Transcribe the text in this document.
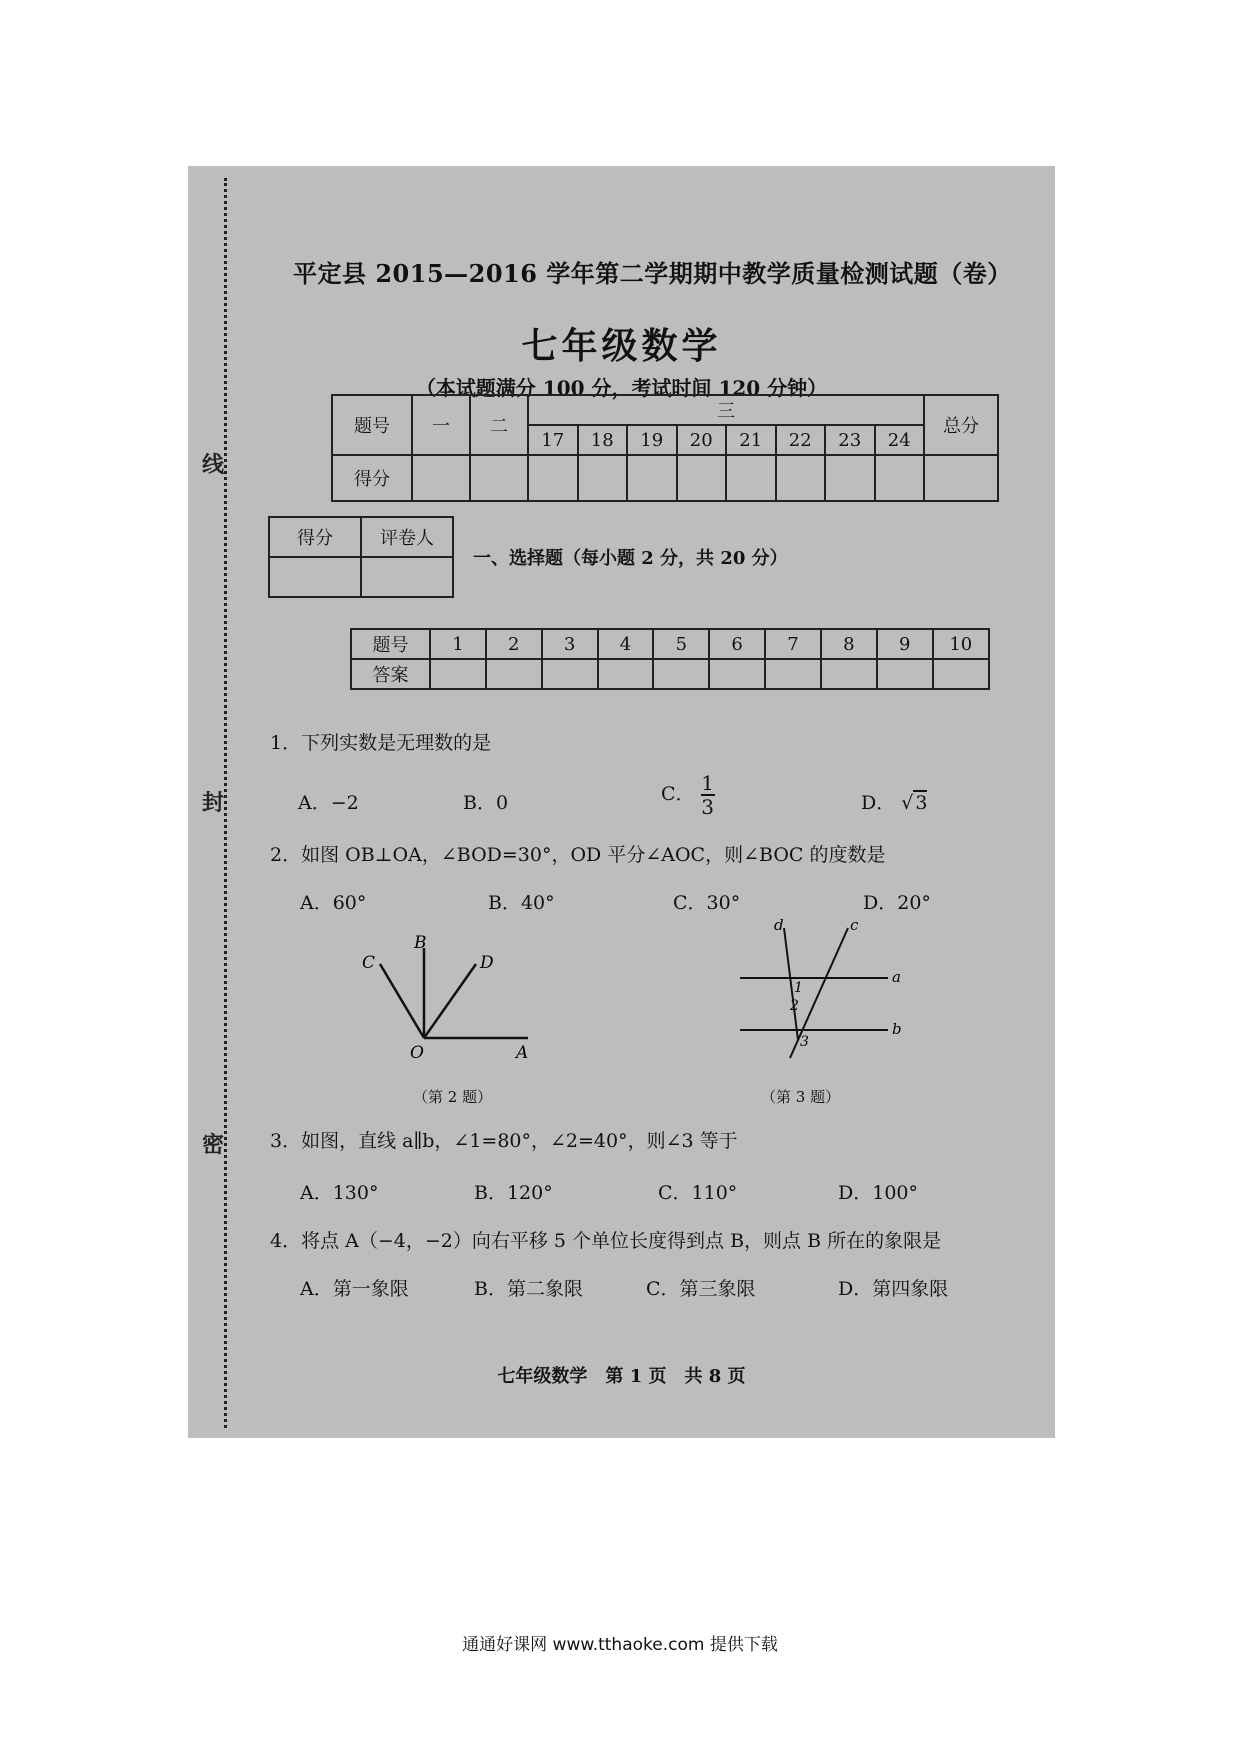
线
封
密
平定县 2015—2016 学年第二学期期中教学质量检测试题（卷）
七年级数学
（本试题满分 100 分，考试时间 120 分钟）
题号	一	二	三								总分
			17	18	19	20	21	22	23	24	
得分											
得分	评卷人

一、选择题（每小题 2 分，共 20 分）
题号	1	2	3	4	5	6	7	8	9	10
答案										
1．下列实数是无理数的是
A．−2	B．0	C． $\frac{1}{3}$	D． √ 3
2．如图 OB⊥OA，∠BOD=30°，OD 平分∠AOC，则∠BOC 的度数是
A．60°	B．40°	C．30°	D．20°
B
C	D
O	A
（第 2 题）
d	c
a
b
1
2
3
（第 3 题）
3．如图，直线 a∥b，∠1=80°，∠2=40°，则∠3 等于
A．130°	B．120°	C．110°	D．100°
4．将点 A（−4，−2）向右平移 5 个单位长度得到点 B，则点 B 所在的象限是
A．第一象限	B．第二象限	C．第三象限	D．第四象限
七年级数学　第 1 页　共 8 页
通通好课网 www.tthaoke.com 提供下载
